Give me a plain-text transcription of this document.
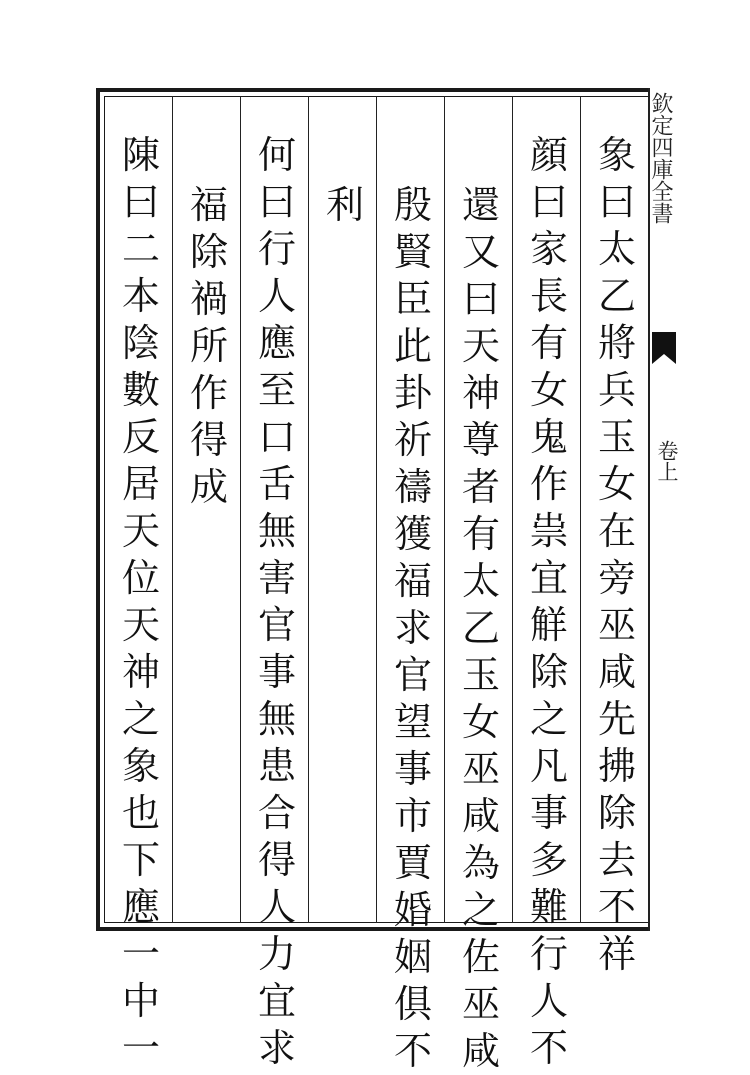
欽定四庫全書
卷上
象
曰
太
乙
將
兵
玉
女
在
旁
巫
咸
先
拂
除
去
不
祥
顔
曰
家
長
有
女
鬼
作
祟
宜
觧
除
之
凡
事
多
難
行
人
不
還
又
曰
天
神
尊
者
有
太
乙
玉
女
巫
咸
為
之
佐
巫
咸
殷
賢
臣
此
卦
祈
禱
獲
福
求
官
望
事
市
賈
婚
姻
俱
不
利
何
曰
行
人
應
至
口
舌
無
害
官
事
無
患
合
得
人
力
宜
求
福
除
禍
所
作
得
成
陳
曰
二
本
陰
數
反
居
天
位
天
神
之
象
也
下
應
一
中
一
